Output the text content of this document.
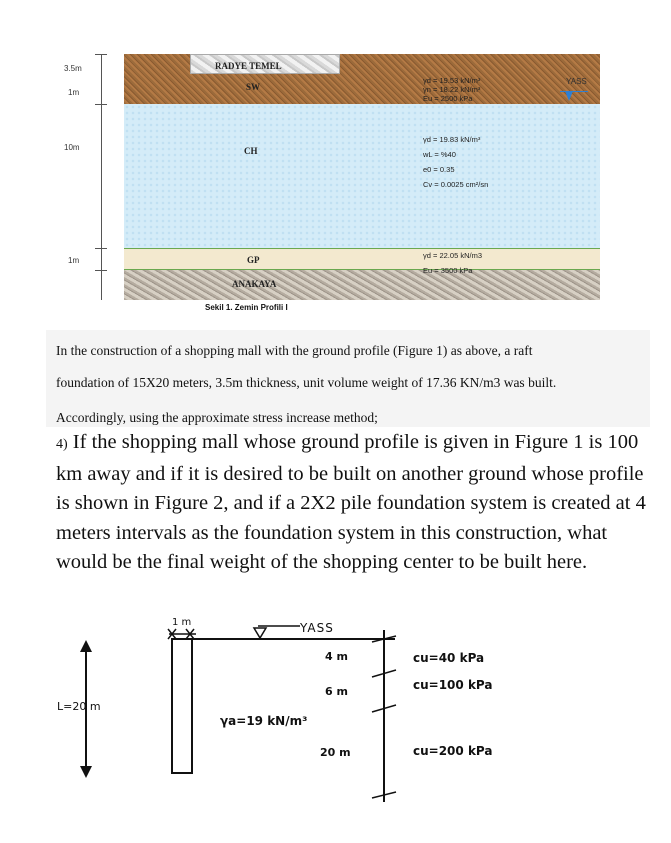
3.5m
1m
10m
1m
RADYE TEMEL
SW
CH
GP
ANAKAYA
YASS
γd = 19.53 kN/m³
γn = 18.22 kN/m³
Eu = 2500 kPa
γd = 19.83 kN/m³
wL = %40
e0 = 0.35
Cv = 0.0025 cm²/sn
γd = 22.05 kN/m3
Eu = 3500 kPa
Sekil 1. Zemin Profili I
In the construction of a shopping mall with the ground profile (Figure 1) as above, a raft
foundation of 15X20 meters, 3.5m thickness, unit volume weight of 17.36 KN/m3 was built.
Accordingly, using the approximate stress increase method;
4) If the shopping mall whose ground profile is given in Figure 1 is 100 km away and if it is desired to be built on another ground whose profile is shown in Figure 2, and if a 2X2 pile foundation system is created at 4 meters intervals as the foundation system in this construction, what would be the final weight of the shopping center to be built here.
1 m	YASS
4 m
6 m
20 m
L=20 m
γa=19 kN/m³
cu=40 kPa
cu=100 kPa
cu=200 kPa
